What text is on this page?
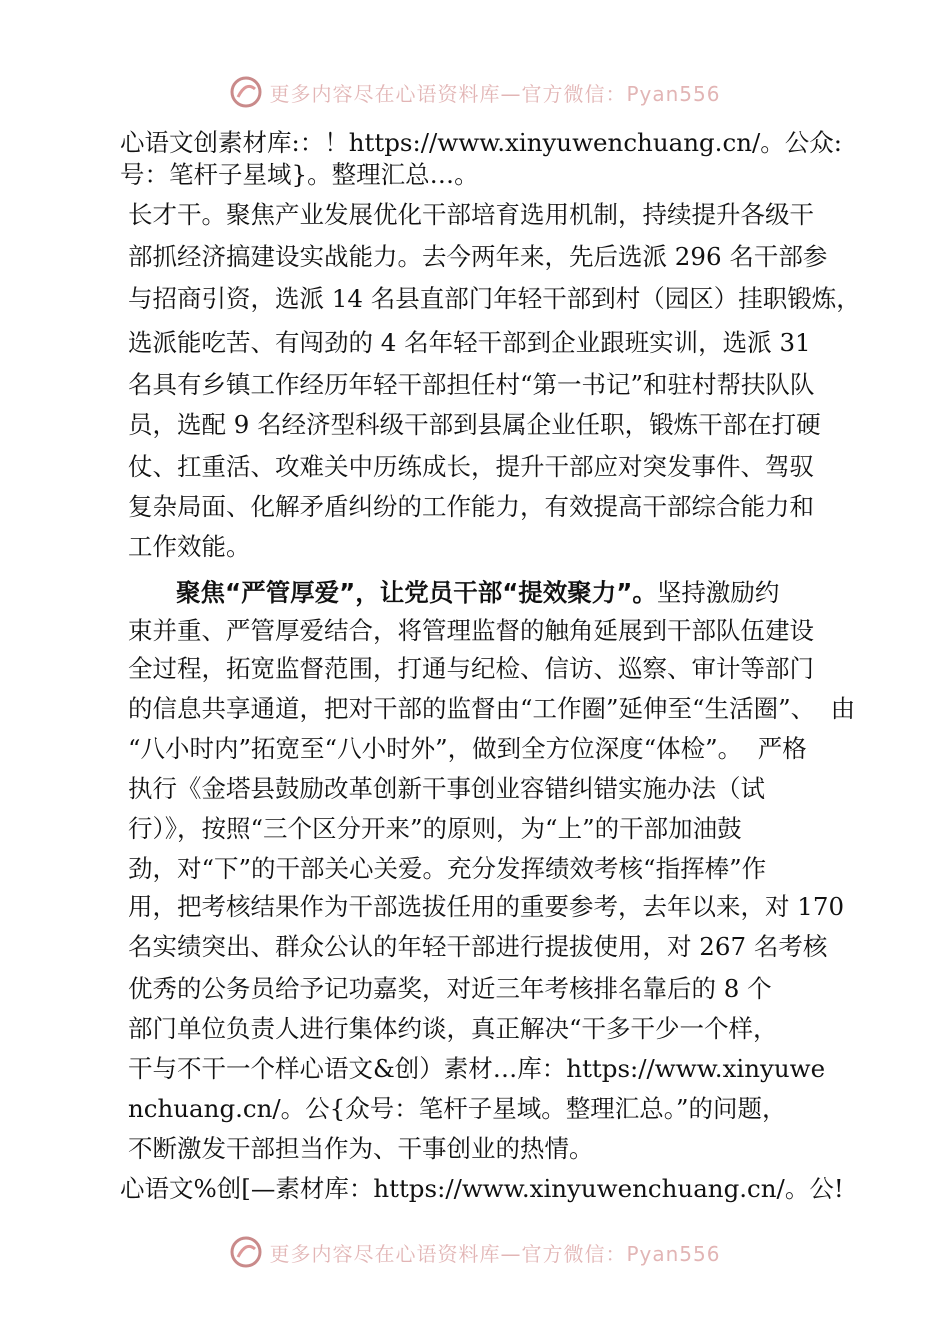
更多内容尽在心语资料库—官方微信：Pyan556
心语文创素材库:：！https://www.xinyuwenchuang.cn/。公众:
号：笔杆子星域}。整理汇总…。
长才干。聚焦产业发展优化干部培育选用机制，持续提升各级干
部抓经济搞建设实战能力。去今两年来，先后选派 296 名干部参
与招商引资，选派 14 名县直部门年轻干部到村（园区）挂职锻炼，
选派能吃苦、有闯劲的 4 名年轻干部到企业跟班实训，选派 31
名具有乡镇工作经历年轻干部担任村“第一书记”和驻村帮扶队队
员，选配 9 名经济型科级干部到县属企业任职，锻炼干部在打硬
仗、扛重活、攻难关中历练成长，提升干部应对突发事件、驾驭
复杂局面、化解矛盾纠纷的工作能力，有效提高干部综合能力和
工作效能。
聚焦“严管厚爱”，让党员干部“提效聚力”。坚持激励约
束并重、严管厚爱结合，将管理监督的触角延展到干部队伍建设
全过程，拓宽监督范围，打通与纪检、信访、巡察、审计等部门
的信息共享通道，把对干部的监督由“工作圈”延伸至“生活圈”、  由
“八小时内”拓宽至“八小时外”，做到全方位深度“体检”。  严格
执行《金塔县鼓励改革创新干事创业容错纠错实施办法（试
行）》，按照“三个区分开来”的原则，为“上”的干部加油鼓
劲，对“下”的干部关心关爱。充分发挥绩效考核“指挥棒”作
用，把考核结果作为干部选拔任用的重要参考，去年以来，对 170
名实绩突出、群众公认的年轻干部进行提拔使用，对 267 名考核
优秀的公务员给予记功嘉奖，对近三年考核排名靠后的 8 个
部门单位负责人进行集体约谈，真正解决“干多干少一个样，
干与不干一个样心语文&创）素材…库：https://www.xinyuwe
nchuang.cn/。公{众号：笔杆子星域。整理汇总。”的问题，
不断激发干部担当作为、干事创业的热情。
心语文%创[—素材库：https://www.xinyuwenchuang.cn/。公!
更多内容尽在心语资料库—官方微信：Pyan556
